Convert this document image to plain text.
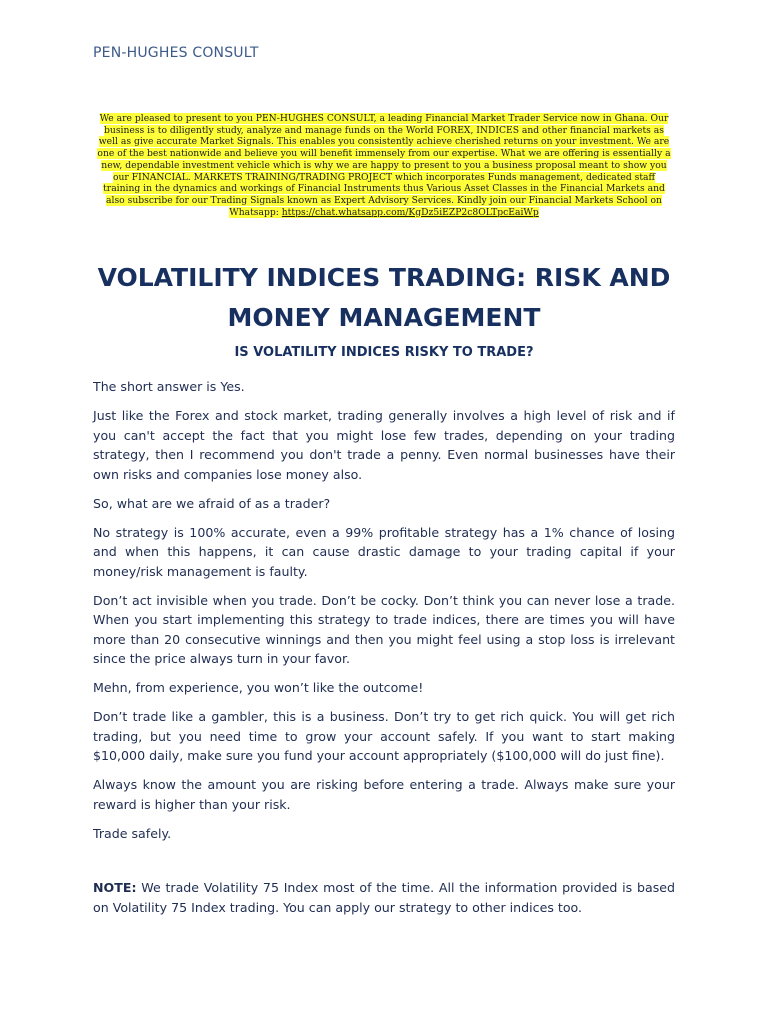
PEN-HUGHES CONSULT
We are pleased to present to you PEN-HUGHES CONSULT, a leading Financial Market Trader Service now in Ghana. Our business is to diligently study, analyze and manage funds on the World FOREX, INDICES and other financial markets as well as give accurate Market Signals. This enables you consistently achieve cherished returns on your investment. We are one of the best nationwide and believe you will benefit immensely from our expertise. What we are offering is essentially a new, dependable investment vehicle which is why we are happy to present to you a business proposal meant to show you our FINANCIAL. MARKETS TRAINING/TRADING PROJECT which incorporates Funds management, dedicated staff training in the dynamics and workings of Financial Instruments thus Various Asset Classes in the Financial Markets and also subscribe for our Trading Signals known as Expert Advisory Services. Kindly join our Financial Markets School on Whatsapp: https://chat.whatsapp.com/KgDz5iEZP2c8OLTpcEaiWp
VOLATILITY INDICES TRADING: RISK AND MONEY MANAGEMENT
IS VOLATILITY INDICES RISKY TO TRADE?

The short answer is Yes.

Just like the Forex and stock market, trading generally involves a high level of risk and if you can't accept the fact that you might lose few trades, depending on your trading strategy, then I recommend you don't trade a penny. Even normal businesses have their own risks and companies lose money also.

So, what are we afraid of as a trader?

No strategy is 100% accurate, even a 99% profitable strategy has a 1% chance of losing and when this happens, it can cause drastic damage to your trading capital if your money/risk management is faulty.

Don’t act invisible when you trade. Don’t be cocky. Don’t think you can never lose a trade. When you start implementing this strategy to trade indices, there are times you will have more than 20 consecutive winnings and then you might feel using a stop loss is irrelevant since the price always turn in your favor.

Mehn, from experience, you won’t like the outcome!

Don’t trade like a gambler, this is a business. Don’t try to get rich quick. You will get rich trading, but you need time to grow your account safely. If you want to start making $10,000 daily, make sure you fund your account appropriately ($100,000 will do just fine).

Always know the amount you are risking before entering a trade. Always make sure your reward is higher than your risk.

Trade safely.

NOTE: We trade Volatility 75 Index most of the time. All the information provided is based on Volatility 75 Index trading. You can apply our strategy to other indices too.
